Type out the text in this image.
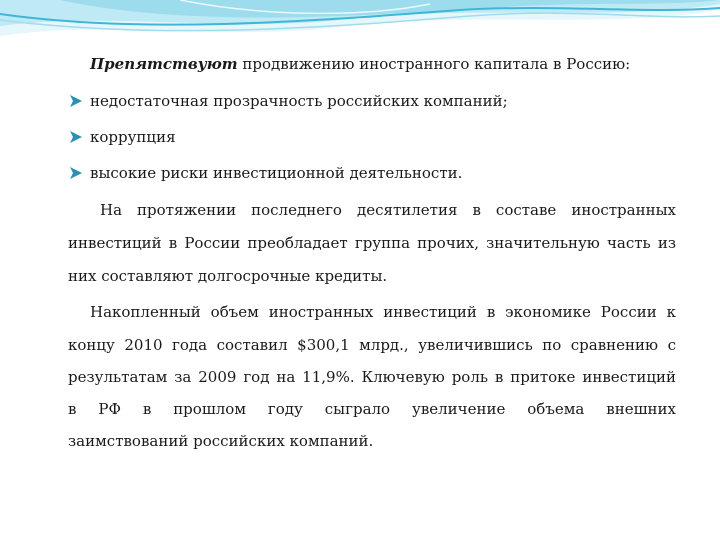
Препятствуют продвижению иностранного капитала в Россию:
недостаточная прозрачность российских компаний;
коррупция
высокие риски инвестиционной деятельности.
На протяжении последнего десятилетия в составе иностранных
инвестиций в России преобладает группа прочих, значительную часть из
них составляют долгосрочные кредиты.
Накопленный объем иностранных инвестиций в экономике России к
концу 2010 года составил $300,1 млрд., увеличившись по сравнению с
результатам за 2009 год на 11,9%. Ключевую роль в притоке инвестиций
в РФ в прошлом году сыграло увеличение объема внешних
заимствований российских компаний.
